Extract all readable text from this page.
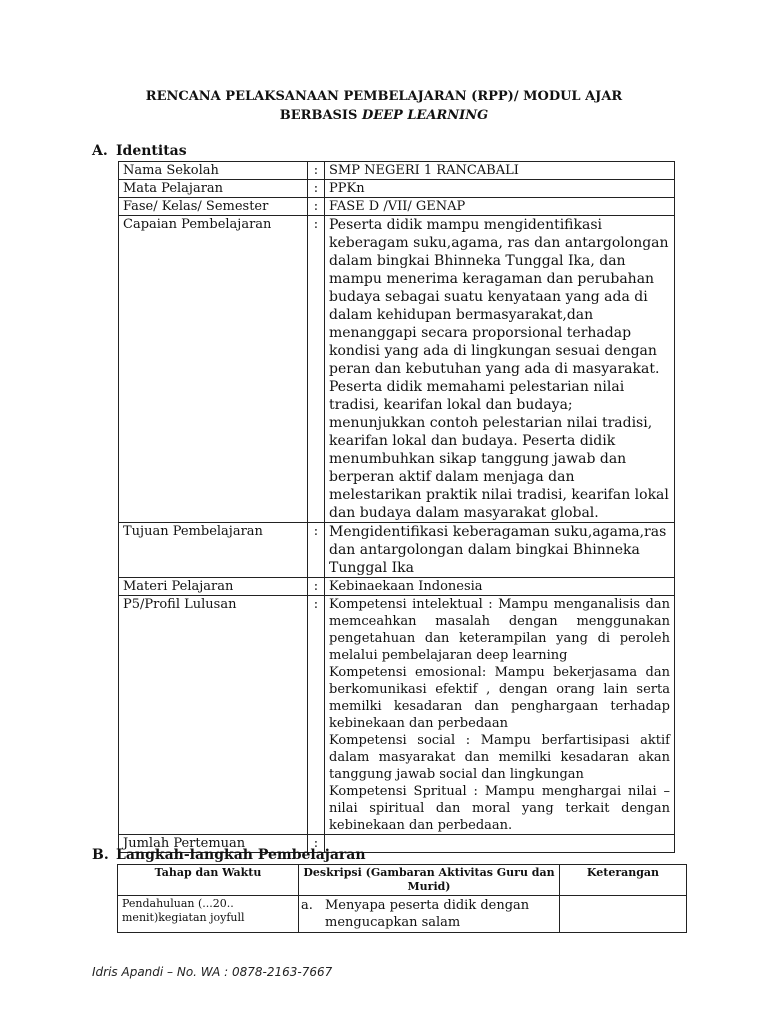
RENCANA PELAKSANAAN PEMBELAJARAN (RPP)/ MODUL AJAR
BERBASIS DEEP LEARNING
A. Identitas
Nama Sekolah	:	SMP NEGERI 1 RANCABALI
Mata Pelajaran	:	PPKn
Fase/ Kelas/ Semester	:	FASE D /VII/ GENAP
Capaian Pembelajaran	:	Peserta didik mampu mengidentifikasi keberagam suku,agama, ras dan antargolongan dalam bingkai Bhinneka Tunggal Ika, dan mampu menerima keragaman dan perubahan budaya sebagai suatu kenyataan yang ada di dalam kehidupan bermasyarakat,dan menanggapi secara proporsional terhadap kondisi yang ada di lingkungan sesuai dengan peran dan kebutuhan yang ada di masyarakat. Peserta didik memahami pelestarian nilai tradisi, kearifan lokal dan budaya; menunjukkan contoh pelestarian nilai tradisi, kearifan lokal dan budaya. Peserta didik menumbuhkan sikap tanggung jawab dan berperan aktif dalam menjaga dan melestarikan praktik nilai tradisi, kearifan lokal dan budaya dalam masyarakat global.
Tujuan Pembelajaran	:	Mengidentifikasi keberagaman suku,agama,ras dan antargolongan dalam bingkai Bhinneka Tunggal Ika
Materi Pelajaran	:	Kebinaekaan Indonesia
P5/Profil Lulusan	:	Kompetensi intelektual : Mampu menganalisis dan memceahkan masalah dengan menggunakan pengetahuan dan keterampilan yang di peroleh melalui pembelajaran deep learning
Kompetensi emosional: Mampu bekerjasama dan berkomunikasi efektif , dengan orang lain serta memilki kesadaran dan penghargaan terhadap kebinekaan dan perbedaan
Kompetensi social : Mampu berfartisipasi aktif dalam masyarakat dan memilki kesadaran akan tanggung jawab social dan lingkungan
Kompetensi Spritual : Mampu menghargai nilai – nilai spiritual dan moral yang terkait dengan kebinekaan dan perbedaan.

Jumlah Pertemuan	:	
B. Langkah-langkah Pembelajaran
Tahap dan Waktu	Deskripsi (Gambaran Aktivitas Guru dan Murid)	Keterangan
Pendahuluan (...20.. menit)kegiatan joyfull	a. Menyapa peserta didik dengan mengucapkan salam	
Idris Apandi – No. WA : 0878-2163-7667
